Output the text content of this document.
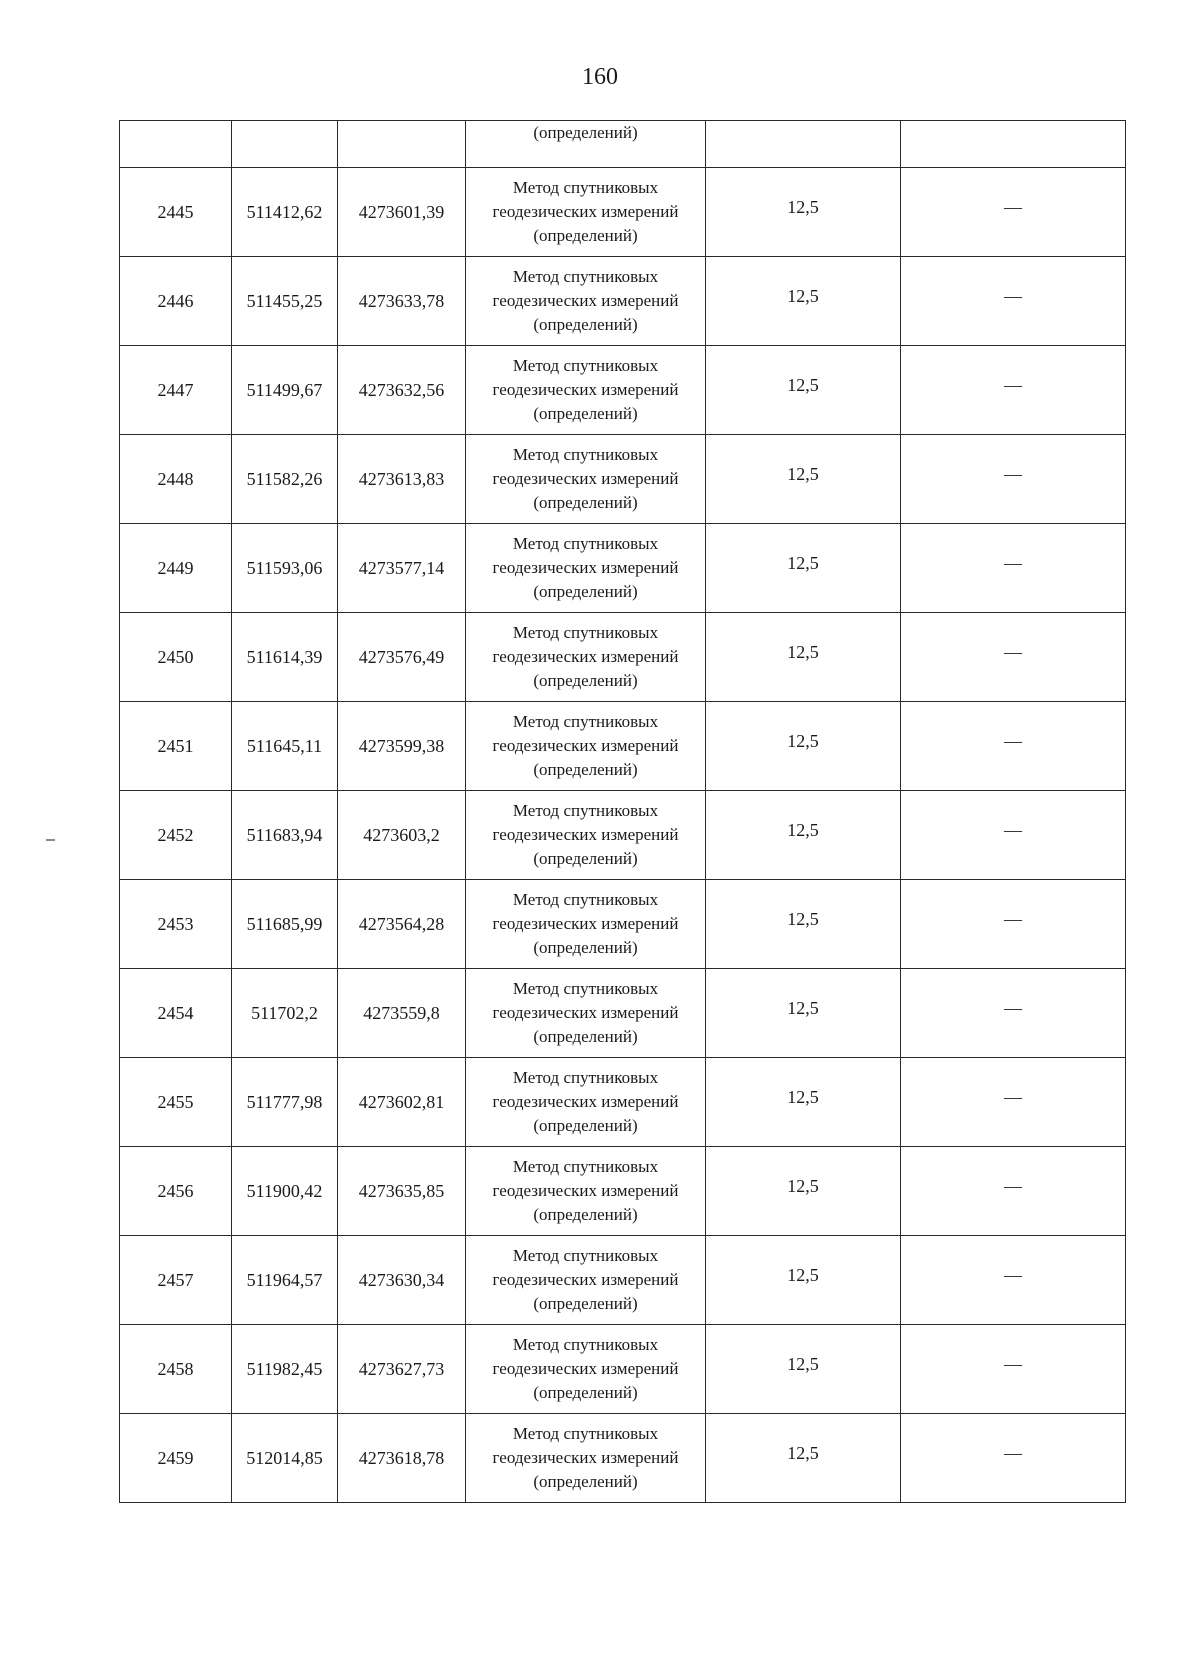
160
			(определений)		
2445	511412,62	4273601,39	Метод спутниковых
геодезических измерений
(определений)	12,5	—
2446	511455,25	4273633,78	Метод спутниковых
геодезических измерений
(определений)	12,5	—
2447	511499,67	4273632,56	Метод спутниковых
геодезических измерений
(определений)	12,5	—
2448	511582,26	4273613,83	Метод спутниковых
геодезических измерений
(определений)	12,5	—
2449	511593,06	4273577,14	Метод спутниковых
геодезических измерений
(определений)	12,5	—
2450	511614,39	4273576,49	Метод спутниковых
геодезических измерений
(определений)	12,5	—
2451	511645,11	4273599,38	Метод спутниковых
геодезических измерений
(определений)	12,5	—
2452	511683,94	4273603,2	Метод спутниковых
геодезических измерений
(определений)	12,5	—
2453	511685,99	4273564,28	Метод спутниковых
геодезических измерений
(определений)	12,5	—
2454	511702,2	4273559,8	Метод спутниковых
геодезических измерений
(определений)	12,5	—
2455	511777,98	4273602,81	Метод спутниковых
геодезических измерений
(определений)	12,5	—
2456	511900,42	4273635,85	Метод спутниковых
геодезических измерений
(определений)	12,5	—
2457	511964,57	4273630,34	Метод спутниковых
геодезических измерений
(определений)	12,5	—
2458	511982,45	4273627,73	Метод спутниковых
геодезических измерений
(определений)	12,5	—
2459	512014,85	4273618,78	Метод спутниковых
геодезических измерений
(определений)	12,5	—
